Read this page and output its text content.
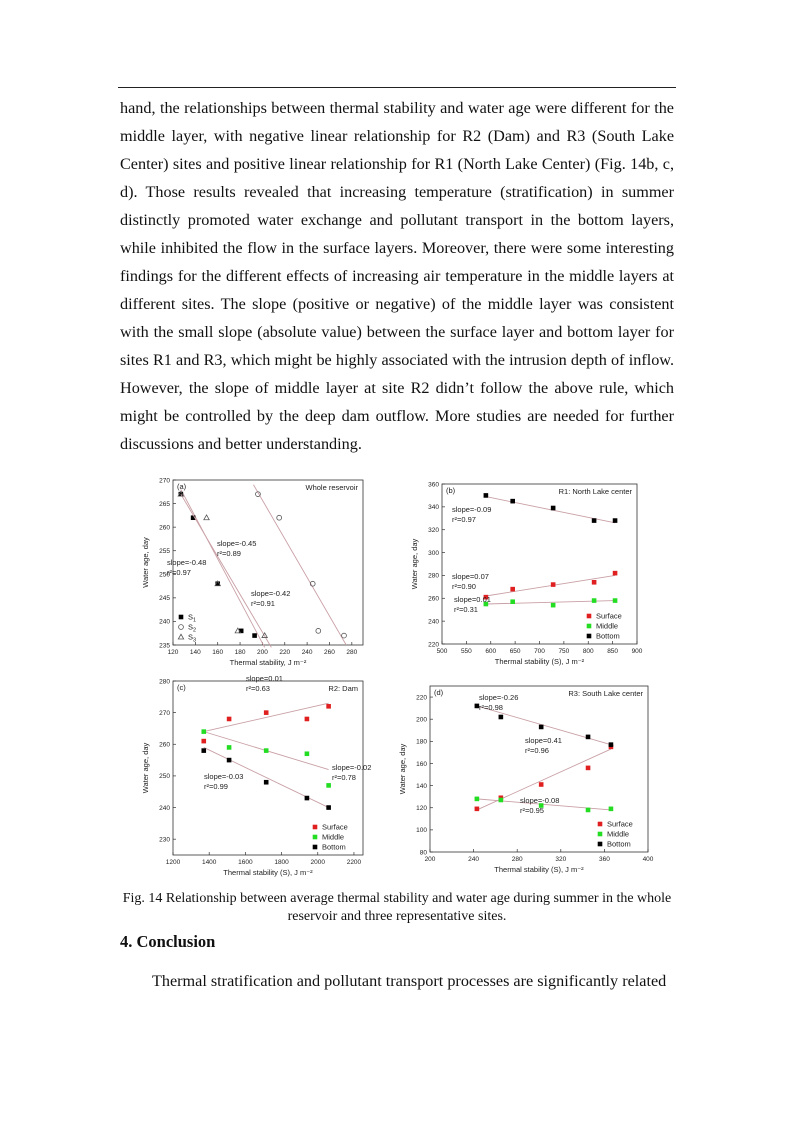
hand, the relationships between thermal stability and water age were different for the middle layer, with negative linear relationship for R2 (Dam) and R3 (South Lake Center) sites and positive linear relationship for R1 (North Lake Center) (Fig. 14b, c, d). Those results revealed that increasing temperature (stratification) in summer distinctly promoted water exchange and pollutant transport in the bottom layers, while inhibited the flow in the surface layers. Moreover, there were some interesting findings for the different effects of increasing air temperature in the middle layers at different sites. The slope (positive or negative) of the middle layer was consistent with the small slope (absolute value) between the surface layer and bottom layer for sites R1 and R3, which might be highly associated with the intrusion depth of inflow. However, the slope of middle layer at site R2 didn’t follow the above rule, which might be controlled by the deep dam outflow. More studies are needed for further discussions and better understanding.

120 140 160 180 200 220 240 260 280
235
240
245
250
255
260
265
270
Thermal stability, J m⁻²
Water age, day
(a)	Whole reservoir
slope=-0.48
r²=0.97
slope=-0.42
r²=0.91
slope=-0.45
r²=0.89
$S_1$
$S_2$
$S_3$
500 550 600 650 700 750 800 850 900
220
240
260
280
300
320
340
360
Thermal stability (S), J m⁻²
Water age, day
(b)	R1: North Lake center
slope=0.07
r²=0.90
slope=0.01
r²=0.31
slope=-0.09
r²=0.97
Surface
Middle
Bottom
1200	1400	1600	1800	2000	2200
230
240
250
260
270
280
Thermal stability (S), J m⁻²
Water age, day
(c)	R2: Dam
slope=0.01
r²=0.63
slope=-0.02
r²=0.78
slope=-0.03
r²=0.99
Surface
Middle
Bottom
200	240	280	320	360	400
80
100
120
140
160
180
200
220
Thermal stability (S), J m⁻²
Water age, day
(d)	R3: South Lake center
slope=0.41
r²=0.96
slope=-0.08
r²=0.95
slope=-0.26
r²=0.98
Surface
Middle
Bottom

Fig. 14 Relationship between average thermal stability and water age during summer in the whole reservoir and three representative sites.

4. Conclusion

Thermal stratification and pollutant transport processes are significantly related
